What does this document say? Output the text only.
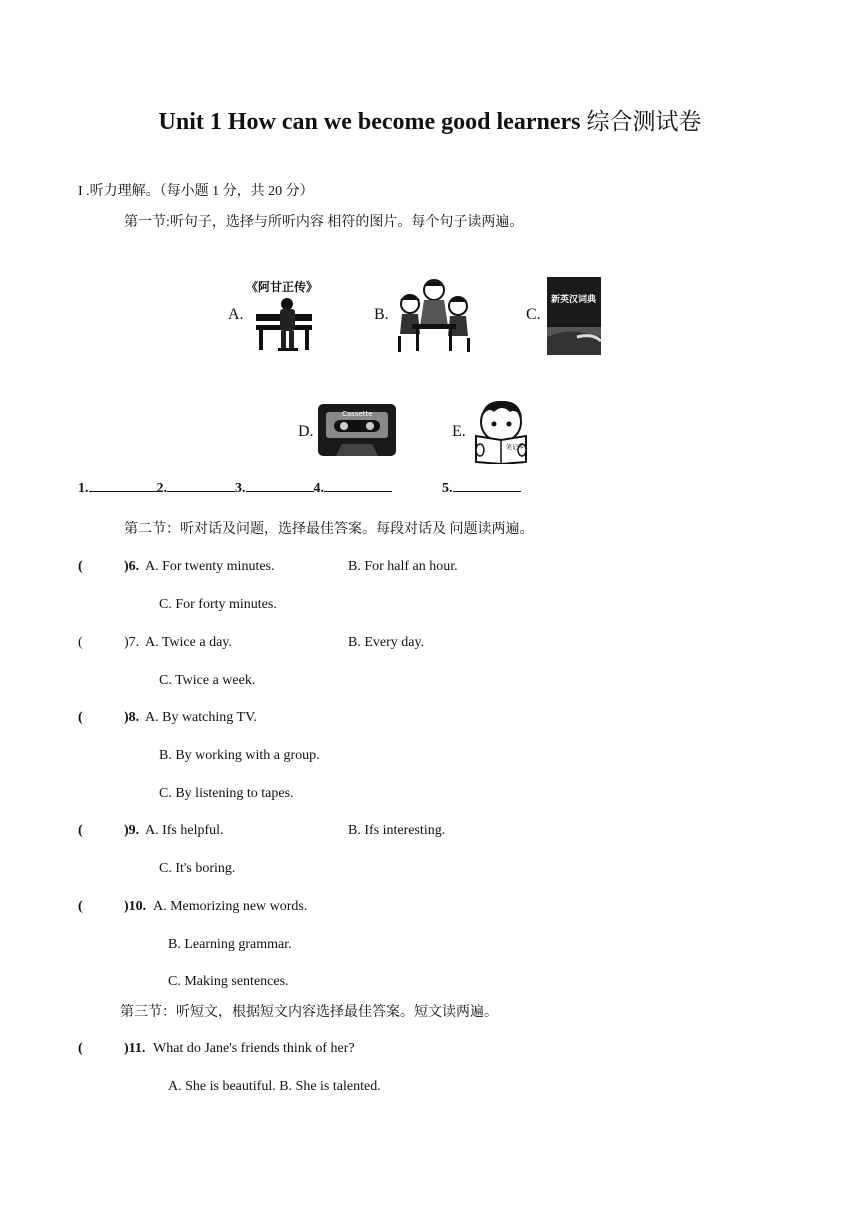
Unit 1 How can we become good learners 综合测试卷
I .听力理解。（每小题 1 分，共 20 分）
第一节:听句子，选择与所听内容 相符的图片。每个句子读两遍。
A.
《阿甘正传》
B.	C.
新英汉词典
D.
Cassette
E.
笔记本
1.	2.	3.	4.	5.
第二节：听对话及问题，选择最佳答案。每段对话及 问题读两遍。
(	)6. A. For twenty minutes.	B. For half an hour.
C. For forty minutes.
(	)7. A. Twice a day.	B. Every day.
C. Twice a week.
(	)8. A. By watching TV.
B. By working with a group.
C. By listening to tapes.
(	)9. A. Ifs helpful.	B. Ifs interesting.
C. It's boring.
(	)10. A. Memorizing new words.
B. Learning grammar.
C. Making sentences.
第三节：听短文，根据短文内容选择最佳答案。短文读两遍。
(	)11. What do Jane's friends think of her?
A. She is beautiful. B. She is talented.
